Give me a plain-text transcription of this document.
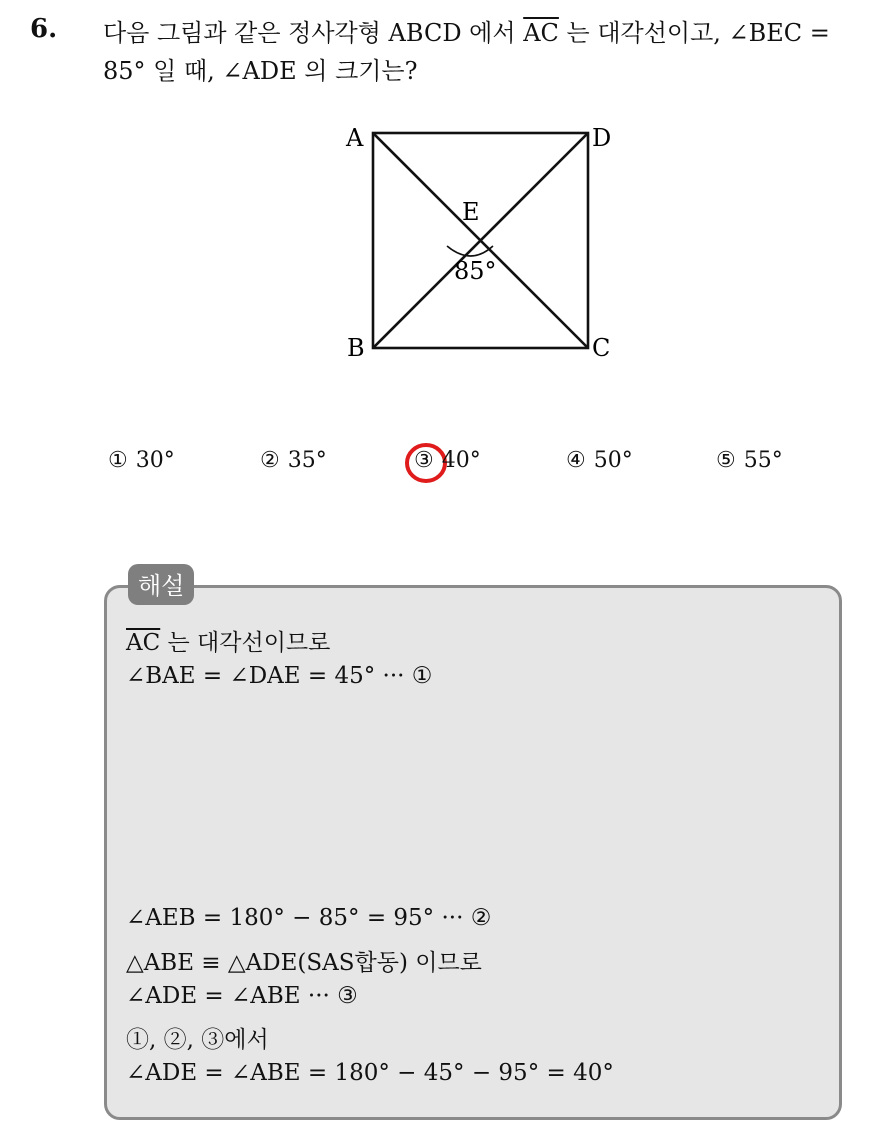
6. 다음 그림과 같은 정사각형 ABCD 에서 $\overline{AC}$ 는 대각선이고, ∠BEC =
85° 일 때, ∠ADE 의 크기는?
A	D
B	C
E
85°
① 30°	② 35°	③ 40°	④ 50°	⑤ 55°
해설
$\overline{AC}$ 는 대각선이므로
∠BAE = ∠DAE = 45° ··· ①
∠AEB = 180° − 85° = 95° ··· ②
△ABE ≡ △ADE(SAS합동) 이므로
∠ADE = ∠ABE ··· ③
①, ②, ③에서
∠ADE = ∠ABE = 180° − 45° − 95° = 40°
